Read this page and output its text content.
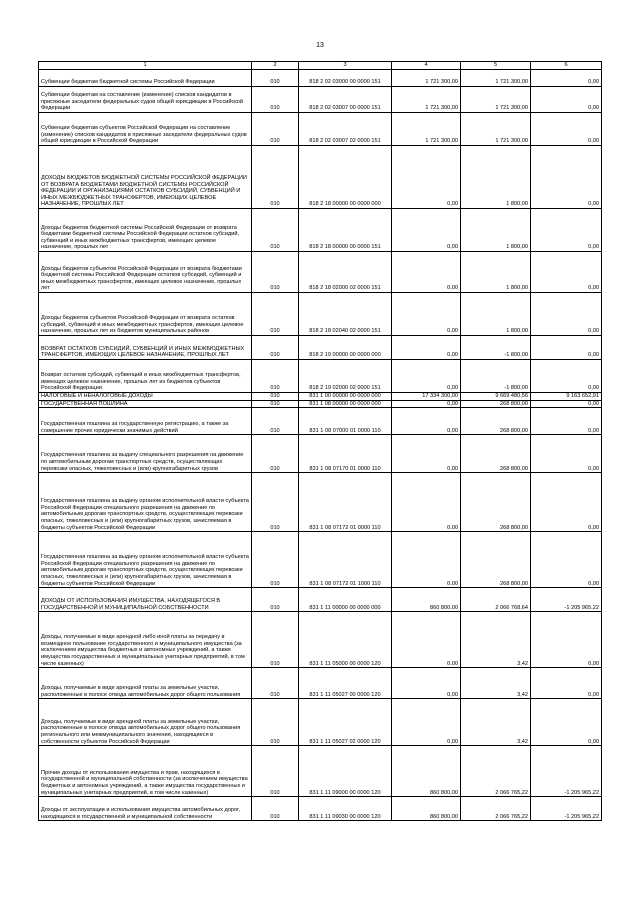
13
1	2	3	4	5	6
Субвенции бюджетам бюджетной системы Российской Федерации	010	818 2 02 03000 00 0000 151	1 721 300,00	1 721 300,00	0,00
Субвенции бюджетам на составление (изменение) списков кандидатов в присяжные заседатели федеральных судов общей юрисдикции в Российской Федерации	010	818 2 02 03007 00 0000 151	1 721 300,00	1 721 300,00	0,00
Субвенции бюджетам субъектов Российской Федерации на составление (изменение) списков кандидатов в присяжные заседатели федеральных судов общей юрисдикции в Российской Федерации	010	818 2 02 03007 02 0000 151	1 721 300,00	1 721 300,00	0,00
ДОХОДЫ БЮДЖЕТОВ БЮДЖЕТНОЙ СИСТЕМЫ РОССИЙСКОЙ ФЕДЕРАЦИИ ОТ ВОЗВРАТА БЮДЖЕТАМИ БЮДЖЕТНОЙ СИСТЕМЫ РОССИЙСКОЙ ФЕДЕРАЦИИ И ОРГАНИЗАЦИЯМИ ОСТАТКОВ СУБСИДИЙ, СУБВЕНЦИЙ И ИНЫХ МЕЖБЮДЖЕТНЫХ ТРАНСФЕРТОВ, ИМЕЮЩИХ ЦЕЛЕВОЕ НАЗНАЧЕНИЕ, ПРОШЛЫХ ЛЕТ	010	818 2 18 00000 00 0000 000	0,00	1 800,00	0,00
Доходы бюджетов бюджетной системы Российской Федерации от возврата бюджетами бюджетной системы Российской Федерации остатков субсидий, субвенций и иных межбюджетных трансфертов, имеющих целевое назначение, прошлых лет	010	818 2 18 00000 00 0000 151	0,00	1 800,00	0,00
Доходы бюджетов субъектов Российской Федерации от возврата бюджетами бюджетной системы Российской Федерации остатков субсидий, субвенций и иных межбюджетных трансфертов, имеющих целевое назначение, прошлых лет	010	818 2 18 02000 02 0000 151	0,00	1 800,00	0,00
Доходы бюджетов субъектов Российской Федерации от возврата остатков субсидий, субвенций и иных межбюджетных трансфертов, имеющих целевое назначение, прошлых лет из бюджетов муниципальных районов	010	818 2 18 02040 02 0000 151	0,00	1 800,00	0,00
ВОЗВРАТ ОСТАТКОВ СУБСИДИЙ, СУБВЕНЦИЙ И ИНЫХ МЕЖБЮДЖЕТНЫХ ТРАНСФЕРТОВ, ИМЕЮЩИХ ЦЕЛЕВОЕ НАЗНАЧЕНИЕ, ПРОШЛЫХ ЛЕТ	010	818 2 19 00000 00 0000 000	0,00	-1 800,00	0,00
Возврат остатков субсидий, субвенций и иных межбюджетных трансфертов, имеющих целевое назначение, прошлых лет из бюджетов субъектов Российской Федерации	010	818 2 19 02000 02 0000 151	0,00	-1 800,00	0,00
НАЛОГОВЫЕ И НЕНАЛОГОВЫЕ ДОХОДЫ	010	831 1 00 00000 00 0000 000	17 334 300,00	9 669 480,56	9 163 652,91
ГОСУДАРСТВЕННАЯ ПОШЛИНА	010	831 1 08 00000 00 0000 000	0,00	268 800,00	0,00
Государственная пошлина за государственную регистрацию, а также за совершение прочих юридически значимых действий	010	831 1 08 07000 01 0000 110	0,00	268 800,00	0,00
Государственная пошлина за выдачу специального разрешения на движение по автомобильным дорогам транспортных средств, осуществляющих перевозки опасных, тяжеловесных и (или) крупногабаритных грузов	010	831 1 08 07170 01 0000 110	0,00	268 800,00	0,00
Государственная пошлина за выдачу органом исполнительной власти субъекта Российской Федерации специального разрешения на движение по автомобильным дорогам транспортных средств, осуществляющих перевозки опасных, тяжеловесных и (или) крупногабаритных грузов, зачисляемая в бюджеты субъектов Российской Федерации	010	831 1 08 07172 01 0000 110	0,00	268 800,00	0,00
Государственная пошлина за выдачу органом исполнительной власти субъекта Российской Федерации специального разрешения на движение по автомобильным дорогам транспортных средств, осуществляющих перевозки опасных, тяжеловесных и (или) крупногабаритных грузов, зачисляемая в бюджеты субъектов Российской Федерации	010	831 1 08 07172 01 1000 110	0,00	268 800,00	0,00
ДОХОДЫ ОТ ИСПОЛЬЗОВАНИЯ ИМУЩЕСТВА, НАХОДЯЩЕГОСЯ В ГОСУДАРСТВЕННОЙ И МУНИЦИПАЛЬНОЙ СОБСТВЕННОСТИ	010	831 1 11 00000 00 0000 000	860 800,00	2 066 768,64	-1 205 965,22
Доходы, получаемые в виде арендной либо иной платы за передачу в возмездное пользование государственного и муниципального имущества (за исключением имущества бюджетных и автономных учреждений, а также имущества государственных и муниципальных унитарных предприятий, в том числе казенных)	010	831 1 11 05000 00 0000 120	0,00	3,42	0,00
Доходы, получаемые в виде арендной платы за земельные участки, расположенные в полосе отвода автомобильных дорог общего пользования	010	831 1 11 05027 00 0000 120	0,00	3,42	0,00
Доходы, получаемые в виде арендной платы за земельные участки, расположенные в полосе отвода автомобильных дорог общего пользования регионального или межмуниципального значения, находящиеся в собственности субъектов Российской Федерации	010	831 1 11 05027 02 0000 120	0,00	3,42	0,00
Прочие доходы от использования имущества и прав, находящихся в государственной и муниципальной собственности (за исключением имущества бюджетных и автономных учреждений, а также имущества государственных и муниципальных унитарных предприятий, в том числе казенных)	010	831 1 11 09000 00 0000 120	860 800,00	2 066 765,22	-1 205 965,22
Доходы от эксплуатации и использования имущества автомобильных дорог, находящихся в государственной и муниципальной собственности	010	831 1 11 09030 00 0000 120	860 800,00	2 066 765,22	-1 205 965,22
